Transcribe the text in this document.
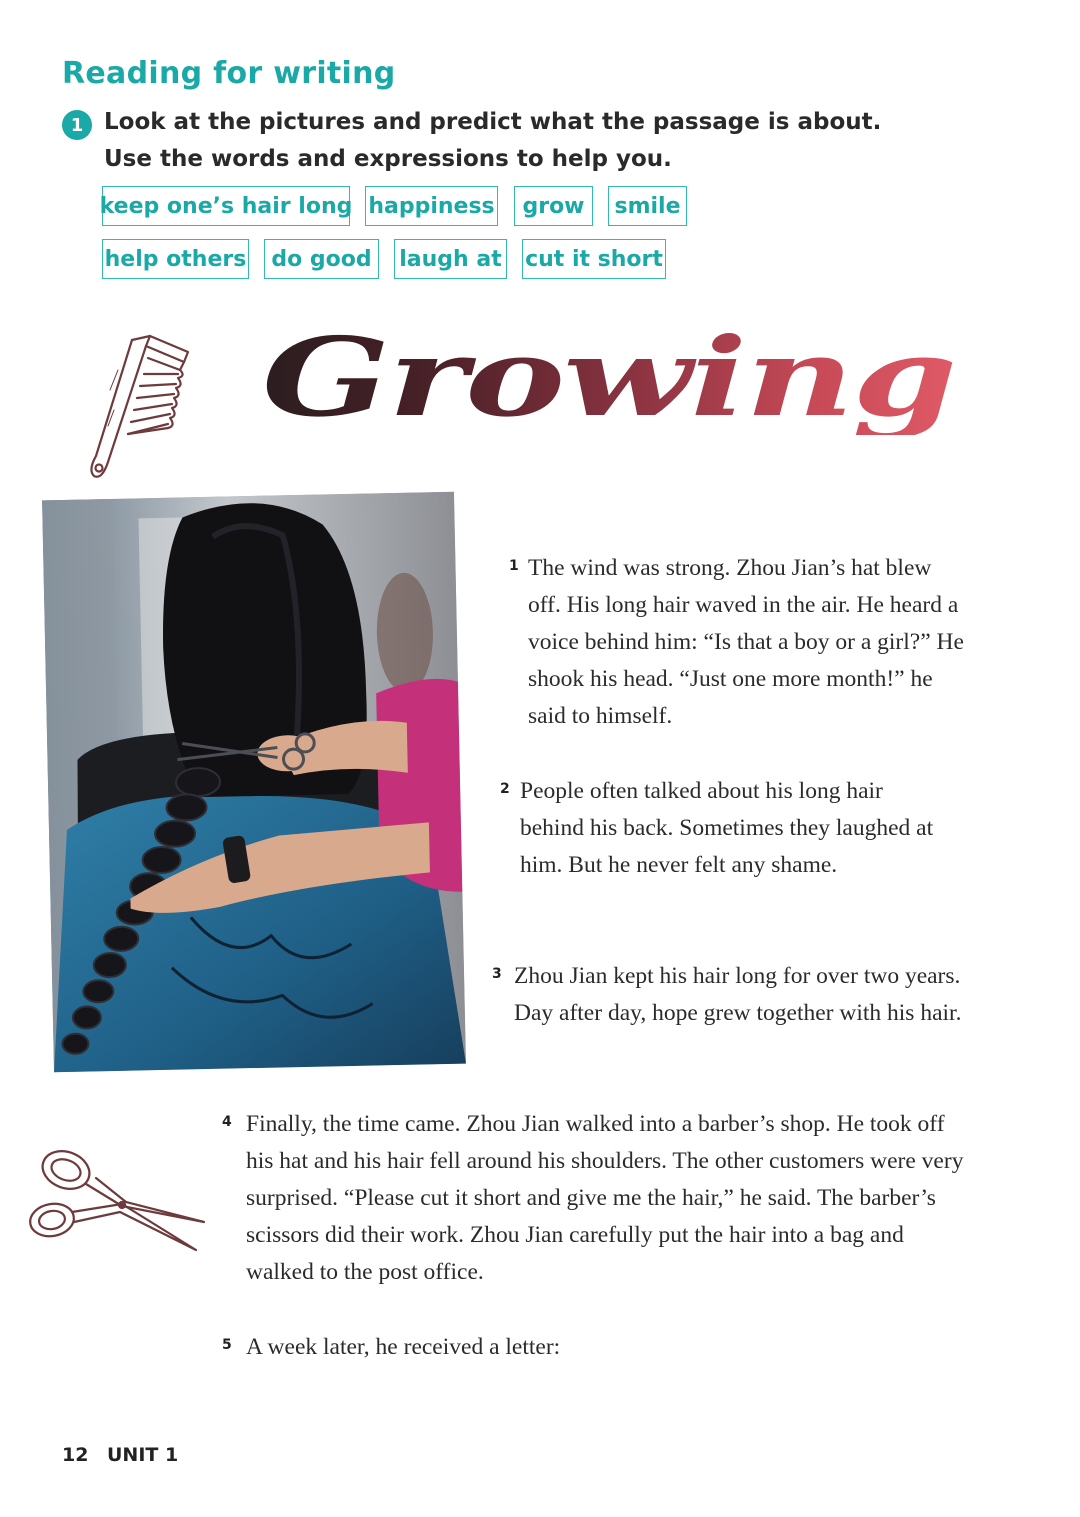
Reading for writing
1 Look at the pictures and predict what the passage is about. Use the words and expressions to help you.

keep one’s hair long happiness	grow	smile
help others	do good	laugh at cut it short
Growing
1 The wind was strong. Zhou Jian’s hat blew off. His long hair waved in the air. He heard a voice behind him: “Is that a boy or a girl?” He shook his head. “Just one more month!” he said to himself.

2 People often talked about his long hair behind his back. Sometimes they laughed at him. But he never felt any shame.

3 Zhou Jian kept his hair long for over two years. Day after day, hope grew together with his hair.

4 Finally, the time came. Zhou Jian walked into a barber’s shop. He took off his hat and his hair fell around his shoulders. The other customers were very surprised. “Please cut it short and give me the hair,” he said. The barber’s scissors did their work. Zhou Jian carefully put the hair into a bag and walked to the post office.

5 A week later, he received a letter:

12 UNIT 1
